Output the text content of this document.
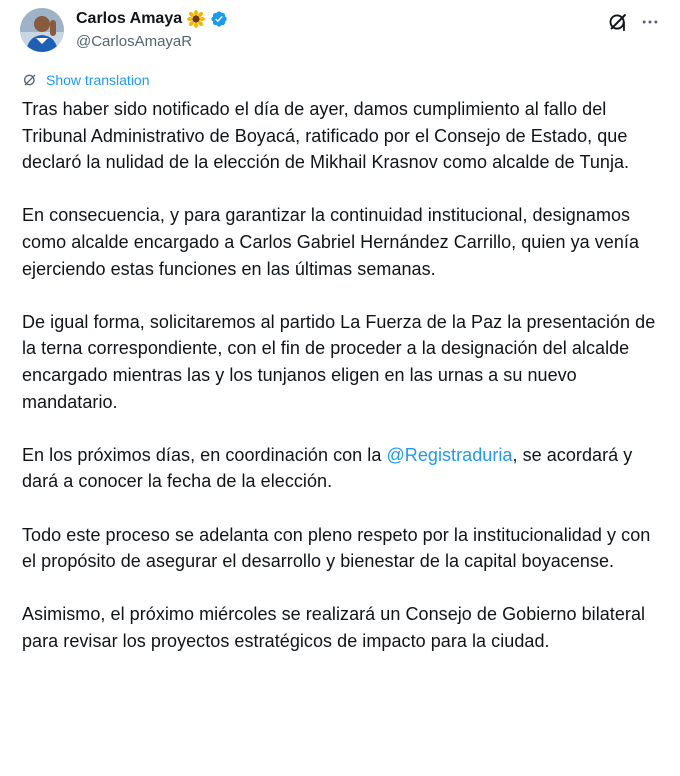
Carlos Amaya
@CarlosAmayaR
Show translation

Tras haber sido notificado el día de ayer, damos cumplimiento al fallo del Tribunal Administrativo de Boyacá, ratificado por el Consejo de Estado, que declaró la nulidad de la elección de Mikhail Krasnov como alcalde de Tunja.

En consecuencia, y para garantizar la continuidad institucional, designamos como alcalde encargado a Carlos Gabriel Hernández Carrillo, quien ya venía ejerciendo estas funciones en las últimas semanas.

De igual forma, solicitaremos al partido La Fuerza de la Paz la presentación de la terna correspondiente, con el fin de proceder a la designación del alcalde encargado mientras las y los tunjanos eligen en las urnas a su nuevo mandatario.

En los próximos días, en coordinación con la @Registraduria, se acordará y dará a conocer la fecha de la elección.

Todo este proceso se adelanta con pleno respeto por la institucionalidad y con el propósito de asegurar el desarrollo y bienestar de la capital boyacense.

Asimismo, el próximo miércoles se realizará un Consejo de Gobierno bilateral para revisar los proyectos estratégicos de impacto para la ciudad.
